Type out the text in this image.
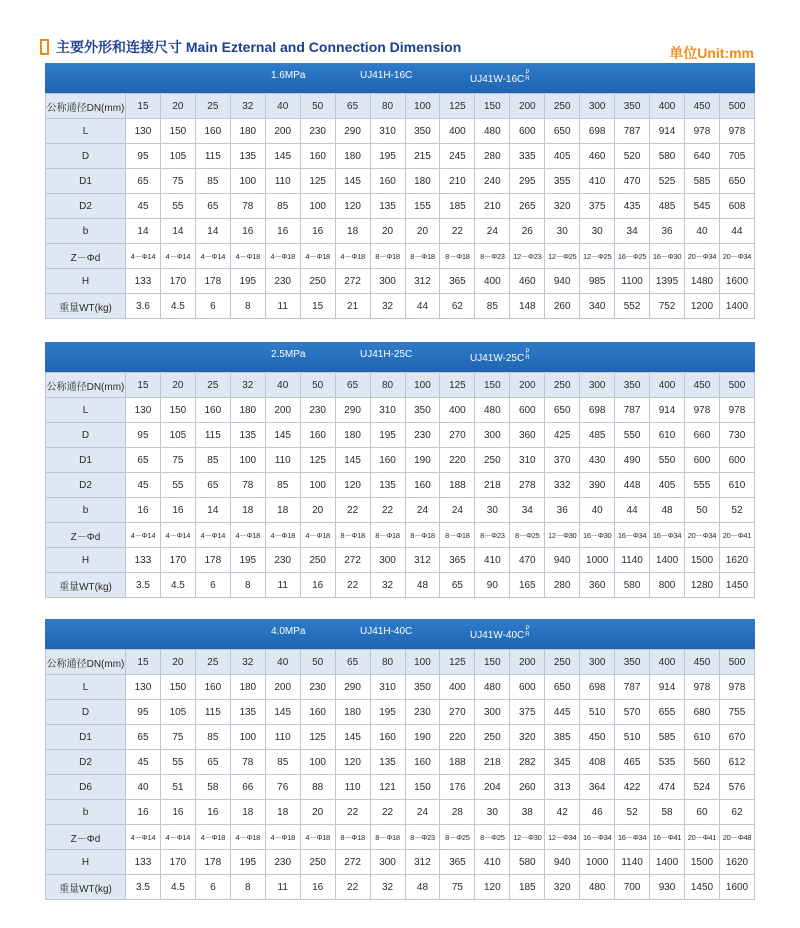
主要外形和连接尺寸 Main Ezternal and Connection Dimension	单位Unit:mm
1.6MPa	UJ41H-16C	UJ41W-16C
P
R
公称通径DN(mm)	15	20	25	32	40	50	65	80	100	125	150	200	250	300	350	400	450	500
L	130	150	160	180	200	230	290	310	350	400	480	600	650	698	787	914	978	978
D	95	105	115	135	145	160	180	195	215	245	280	335	405	460	520	580	640	705
D1	65	75	85	100	110	125	145	160	180	210	240	295	355	410	470	525	585	650
D2	45	55	65	78	85	100	120	135	155	185	210	265	320	375	435	485	545	608
b	14	14	14	16	16	16	18	20	20	22	24	26	30	30	34	36	40	44
Z－Φd	4－Φ14	4－Φ14	4－Φ14	4－Φ18	4－Φ18	4－Φ18	4－Φ18	8－Φ18	8－Φ18	8－Φ18	8－Φ23	12－Φ23	12－Φ25	12－Φ25	16－Φ25	16－Φ30	20－Φ34	20－Φ34
H	133	170	178	195	230	250	272	300	312	365	400	460	940	985	1100	1395	1480	1600
重量WT(kg)	3.6	4.5	6	8	11	15	21	32	44	62	85	148	260	340	552	752	1200	1400
2.5MPa	UJ41H-25C	UJ41W-25C
P
R
公称通径DN(mm)	15	20	25	32	40	50	65	80	100	125	150	200	250	300	350	400	450	500
L	130	150	160	180	200	230	290	310	350	400	480	600	650	698	787	914	978	978
D	95	105	115	135	145	160	180	195	230	270	300	360	425	485	550	610	660	730
D1	65	75	85	100	110	125	145	160	190	220	250	310	370	430	490	550	600	600
D2	45	55	65	78	85	100	120	135	160	188	218	278	332	390	448	405	555	610
b	16	16	14	18	18	20	22	22	24	24	30	34	36	40	44	48	50	52
Z－Φd	4－Φ14	4－Φ14	4－Φ14	4－Φ18	4－Φ18	4－Φ18	8－Φ18	8－Φ18	8－Φ18	8－Φ18	8－Φ23	8－Φ25	12－Φ30	16－Φ30	16－Φ34	16－Φ34	20－Φ34	20－Φ41
H	133	170	178	195	230	250	272	300	312	365	410	470	940	1000	1140	1400	1500	1620
重量WT(kg)	3.5	4.5	6	8	11	16	22	32	48	65	90	165	280	360	580	800	1280	1450
4.0MPa	UJ41H-40C	UJ41W-40C
P
R
公称通径DN(mm)	15	20	25	32	40	50	65	80	100	125	150	200	250	300	350	400	450	500
L	130	150	160	180	200	230	290	310	350	400	480	600	650	698	787	914	978	978
D	95	105	115	135	145	160	180	195	230	270	300	375	445	510	570	655	680	755
D1	65	75	85	100	110	125	145	160	190	220	250	320	385	450	510	585	610	670
D2	45	55	65	78	85	100	120	135	160	188	218	282	345	408	465	535	560	612
D6	40	51	58	66	76	88	110	121	150	176	204	260	313	364	422	474	524	576
b	16	16	16	18	18	20	22	22	24	28	30	38	42	46	52	58	60	62
Z－Φd	4－Φ14	4－Φ14	4－Φ18	4－Φ18	4－Φ18	4－Φ18	8－Φ18	8－Φ18	8－Φ23	8－Φ25	8－Φ25	12－Φ30	12－Φ34	16－Φ34	16－Φ34	16－Φ41	20－Φ41	20－Φ48
H	133	170	178	195	230	250	272	300	312	365	410	580	940	1000	1140	1400	1500	1620
重量WT(kg)	3.5	4.5	6	8	11	16	22	32	48	75	120	185	320	480	700	930	1450	1600
